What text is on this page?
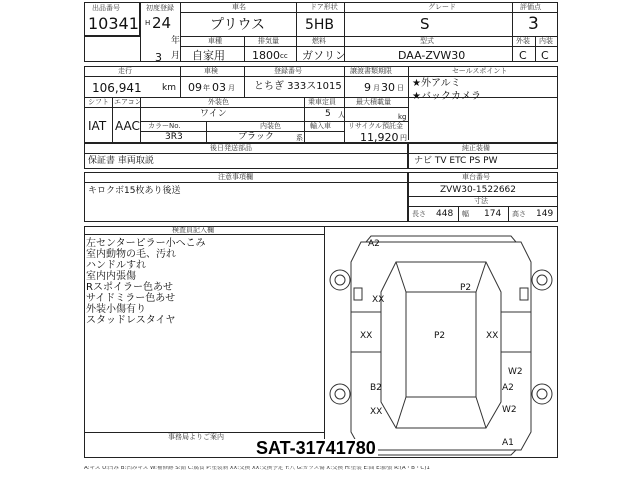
出品番号
10341
初度登録
H 24
年
3 月
車名
プリウス
ドア形状
5HB
グレード
S
評価点
3
車種
自家用
排気量
1800 cc
燃料
ガソリン
型式
DAA-ZVW30
外装 内装
C C
走行
106,941 km
車検
09 年 03 月
登録番号
とちぎ 333ス1015
譲渡書類期限
9 月 30 日
セールスポイント
★外アルミ
★バックカメラ
シフト
IAT
エアコン
AAC
外装色
ワイン
カラーNo.	内装色
3R3	ブラック	系
乗車定員
5 人
輸入車
最大積載量
kg
リサイクル預託金
11,920 円
純正装備
ナビ TV ETC PS PW
後日発送部品
保証書 車両取説
注意事項欄
キロクボ15枚あり後送
車台番号
ZVW30-1522662
寸法
長さ 448 幅 174 高さ 149
検査員記入欄
事務局よりご案内
左センターピラー小へこみ
室内動物の毛、汚れ
ハンドルすれ
室内内張傷
Rスポイラー色あせ
サイドミラー色あせ
外装小傷有り
スタッドレスタイヤ
A2
P2
XX
XX	P2	XX
W2
B2	A2
XX	W2
A1
SAT-31741780
A:キズ U:凹み B:凹みキズ W:補修跡 S:錆 C:腐食 P:塗装剥 XX:交換 XX:交換予定 Y:穴 G:ガラス傷 X:交換 H:塗装 E:曲 E:膨張 R:(A・B・C)1
